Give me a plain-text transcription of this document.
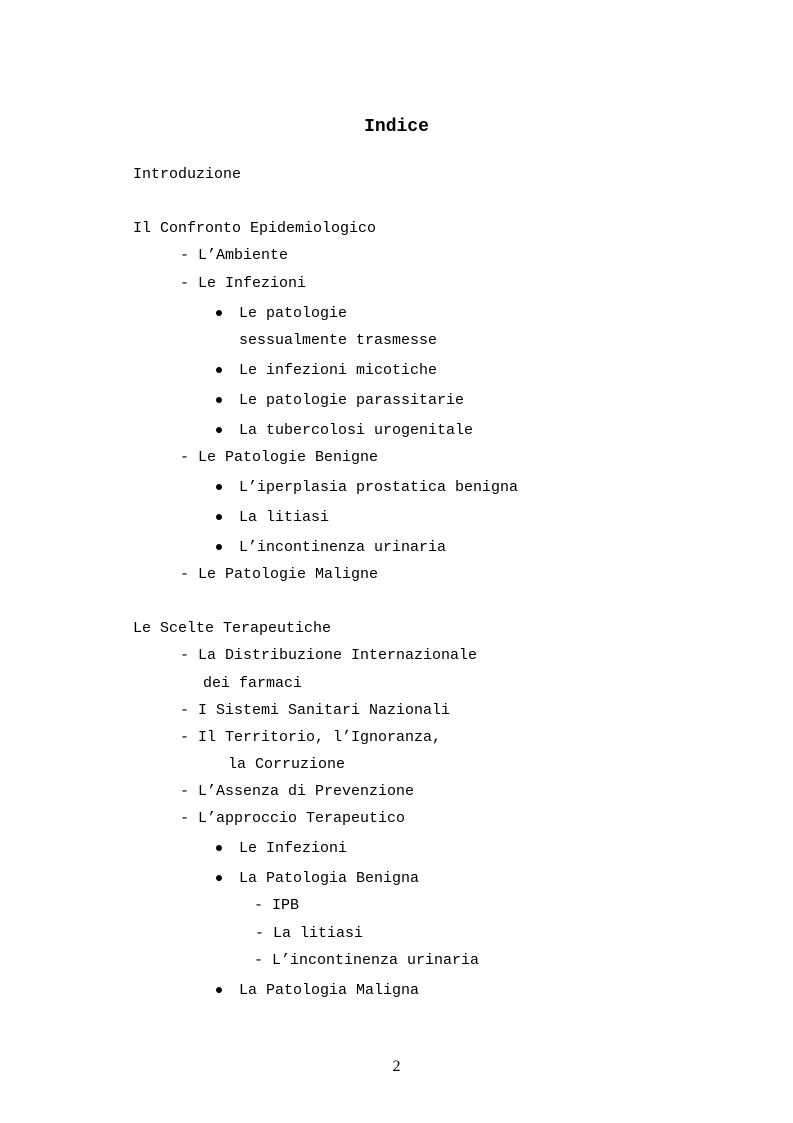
Indice
Introduzione
Il Confronto Epidemiologico
- L’Ambiente
- Le Infezioni
Le patologie
sessualmente trasmesse
Le infezioni micotiche
Le patologie parassitarie
La tubercolosi urogenitale
- Le Patologie Benigne
L’iperplasia prostatica benigna
La litiasi
L’incontinenza urinaria
- Le Patologie Maligne
Le Scelte Terapeutiche
- La Distribuzione Internazionale
dei farmaci
- I Sistemi Sanitari Nazionali
- Il Territorio, l’Ignoranza,
la Corruzione
- L’Assenza di Prevenzione
- L’approccio Terapeutico
Le Infezioni
La Patologia Benigna
- IPB
- La litiasi
- L’incontinenza urinaria
La Patologia Maligna
2
